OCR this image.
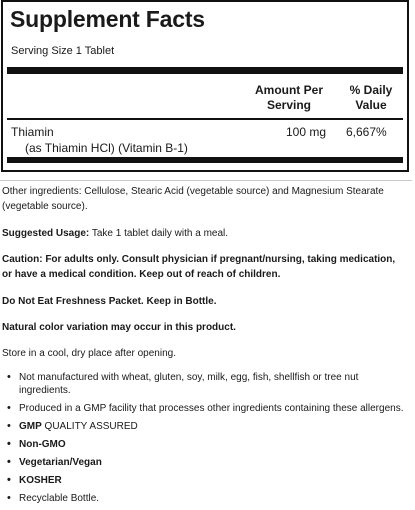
Supplement Facts
Serving Size 1 Tablet
Amount Per
Serving
% Daily
Value
Thiamin
(as Thiamin HCl) (Vitamin B-1)
100 mg 6,667%
Other ingredients: Cellulose, Stearic Acid (vegetable source) and Magnesium Stearate (vegetable source).
Suggested Usage: Take 1 tablet daily with a meal.
Caution: For adults only. Consult physician if pregnant/nursing, taking medication, or have a medical condition. Keep out of reach of children.
Do Not Eat Freshness Packet. Keep in Bottle.
Natural color variation may occur in this product.
Store in a cool, dry place after opening.
• Not manufactured with wheat, gluten, soy, milk, egg, fish, shellfish or tree nut ingredients.
• Produced in a GMP facility that processes other ingredients containing these allergens.
• GMP QUALITY ASSURED
• Non-GMO
• Vegetarian/Vegan
• KOSHER
• Recyclable Bottle.
